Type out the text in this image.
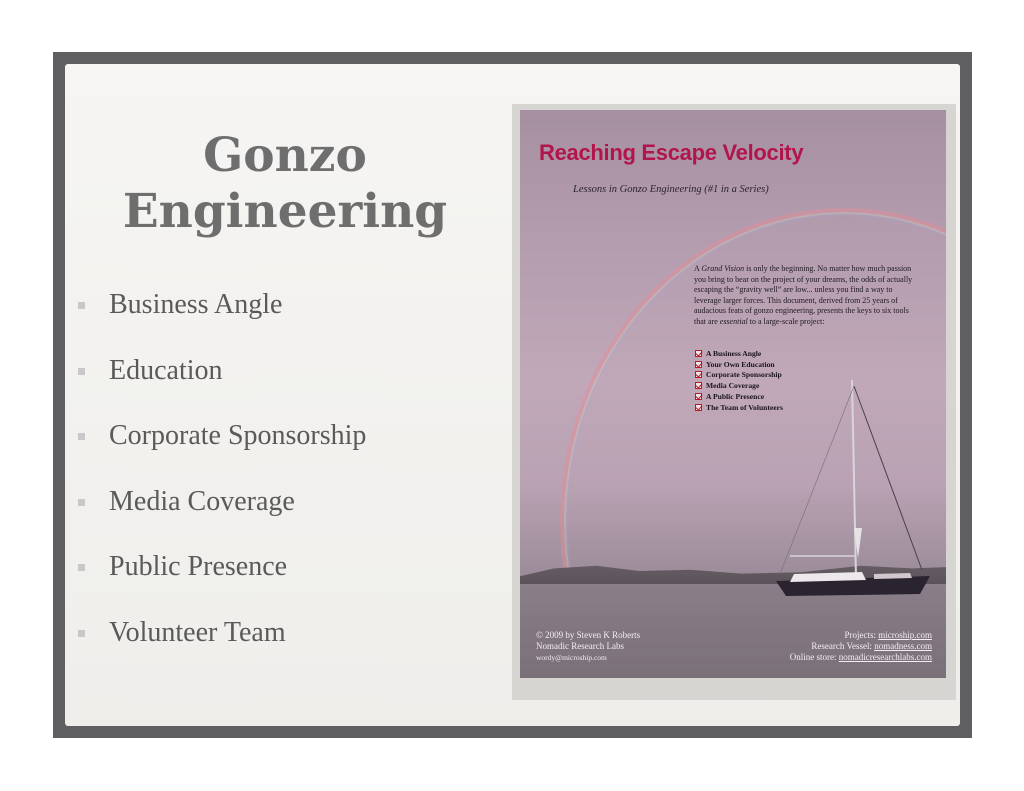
Gonzo
Engineering
Business Angle
Education
Corporate Sponsorship
Media Coverage
Public Presence
Volunteer Team
Reaching Escape Velocity
Lessons in Gonzo Engineering (#1 in a Series)
A Grand Vision is only the beginning. No matter how much passion you bring to bear on the project of your dreams, the odds of actually escaping the “gravity well” are low... unless you find a way to leverage larger forces. This document, derived from 25 years of audacious feats of gonzo engineering, presents the keys to six tools that are essential to a large-scale project:
A Business Angle
Your Own Education
Corporate Sponsorship
Media Coverage
A Public Presence
The Team of Volunteers
© 2009 by Steven K Roberts
Nomadic Research Labs
wordy@microship.com
Projects: microship.com
Research Vessel: nomadness.com
Online store: nomadicresearchlabs.com
